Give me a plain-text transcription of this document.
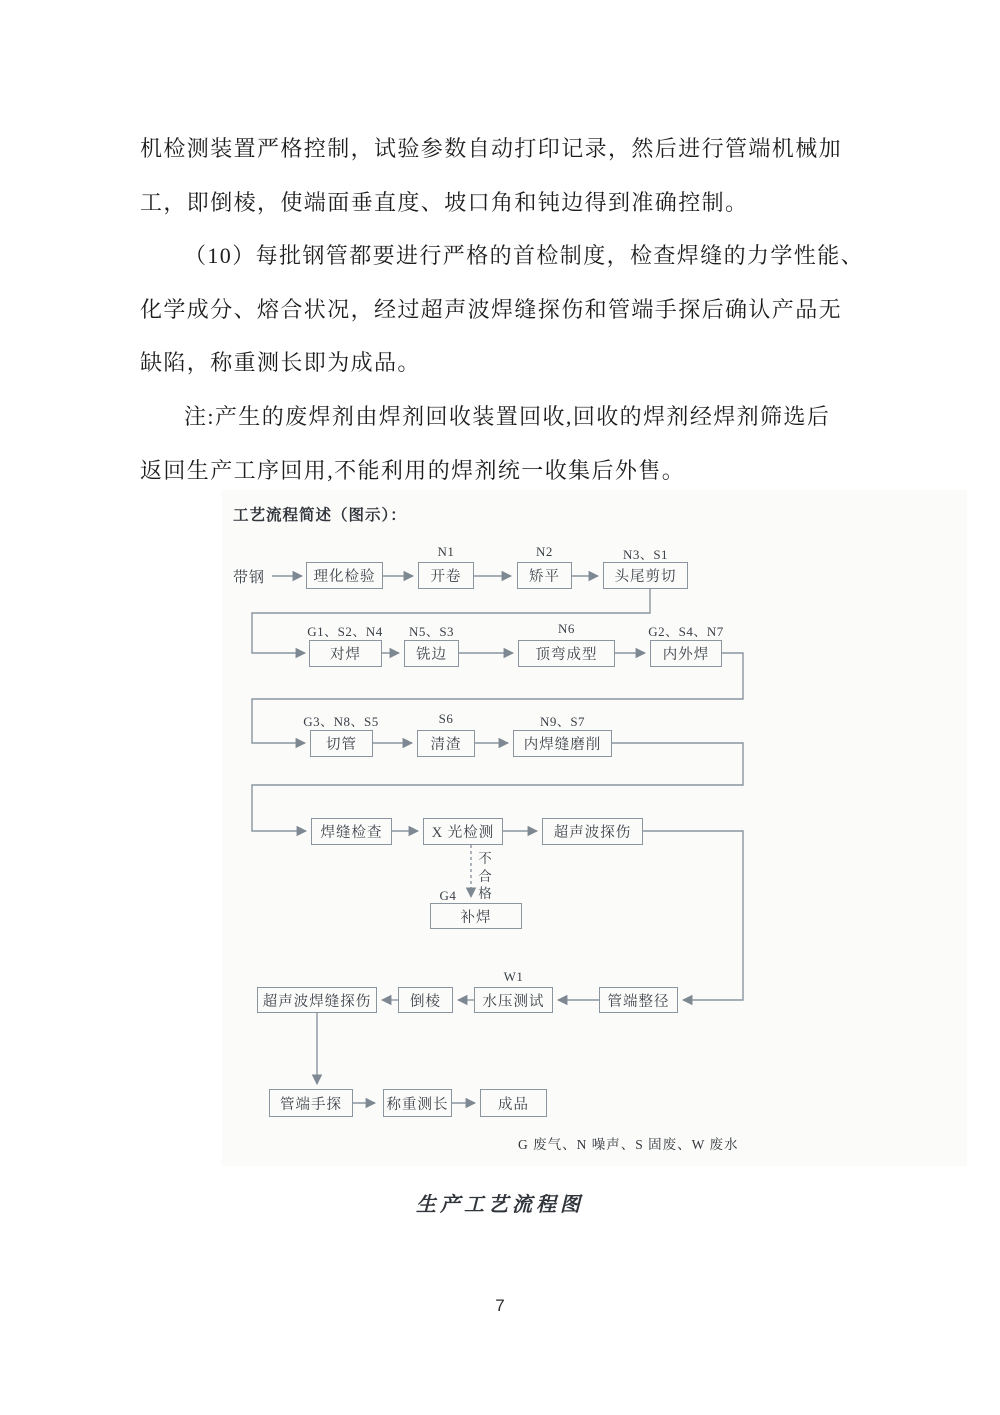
机检测装置严格控制，试验参数自动打印记录，然后进行管端机械加
工，即倒棱，使端面垂直度、坡口角和钝边得到准确控制。
（10）每批钢管都要进行严格的首检制度，检查焊缝的力学性能、
化学成分、熔合状况，经过超声波焊缝探伤和管端手探后确认产品无
缺陷，称重测长即为成品。
注:产生的废焊剂由焊剂回收装置回收,回收的焊剂经焊剂筛选后
返回生产工序回用,不能利用的焊剂统一收集后外售。
工艺流程简述（图示）：
带钢	理化检验
N1
开卷
N2
矫平
N3、S1
头尾剪切
G1、S2、N4
对焊
N5、S3
铣边
N6
顶弯成型
G2、S4、N7
内外焊
G3、N8、S5
切管
S6
清渣
N9、S7
内焊缝磨削
焊缝检查	X 光检测	超声波探伤
不合格
G4
补焊
超声波焊缝探伤	倒棱
W1
水压测试	管端整径
管端手探	称重测长	成品
G 废气、N 噪声、S 固废、W 废水
生产工艺流程图
7
